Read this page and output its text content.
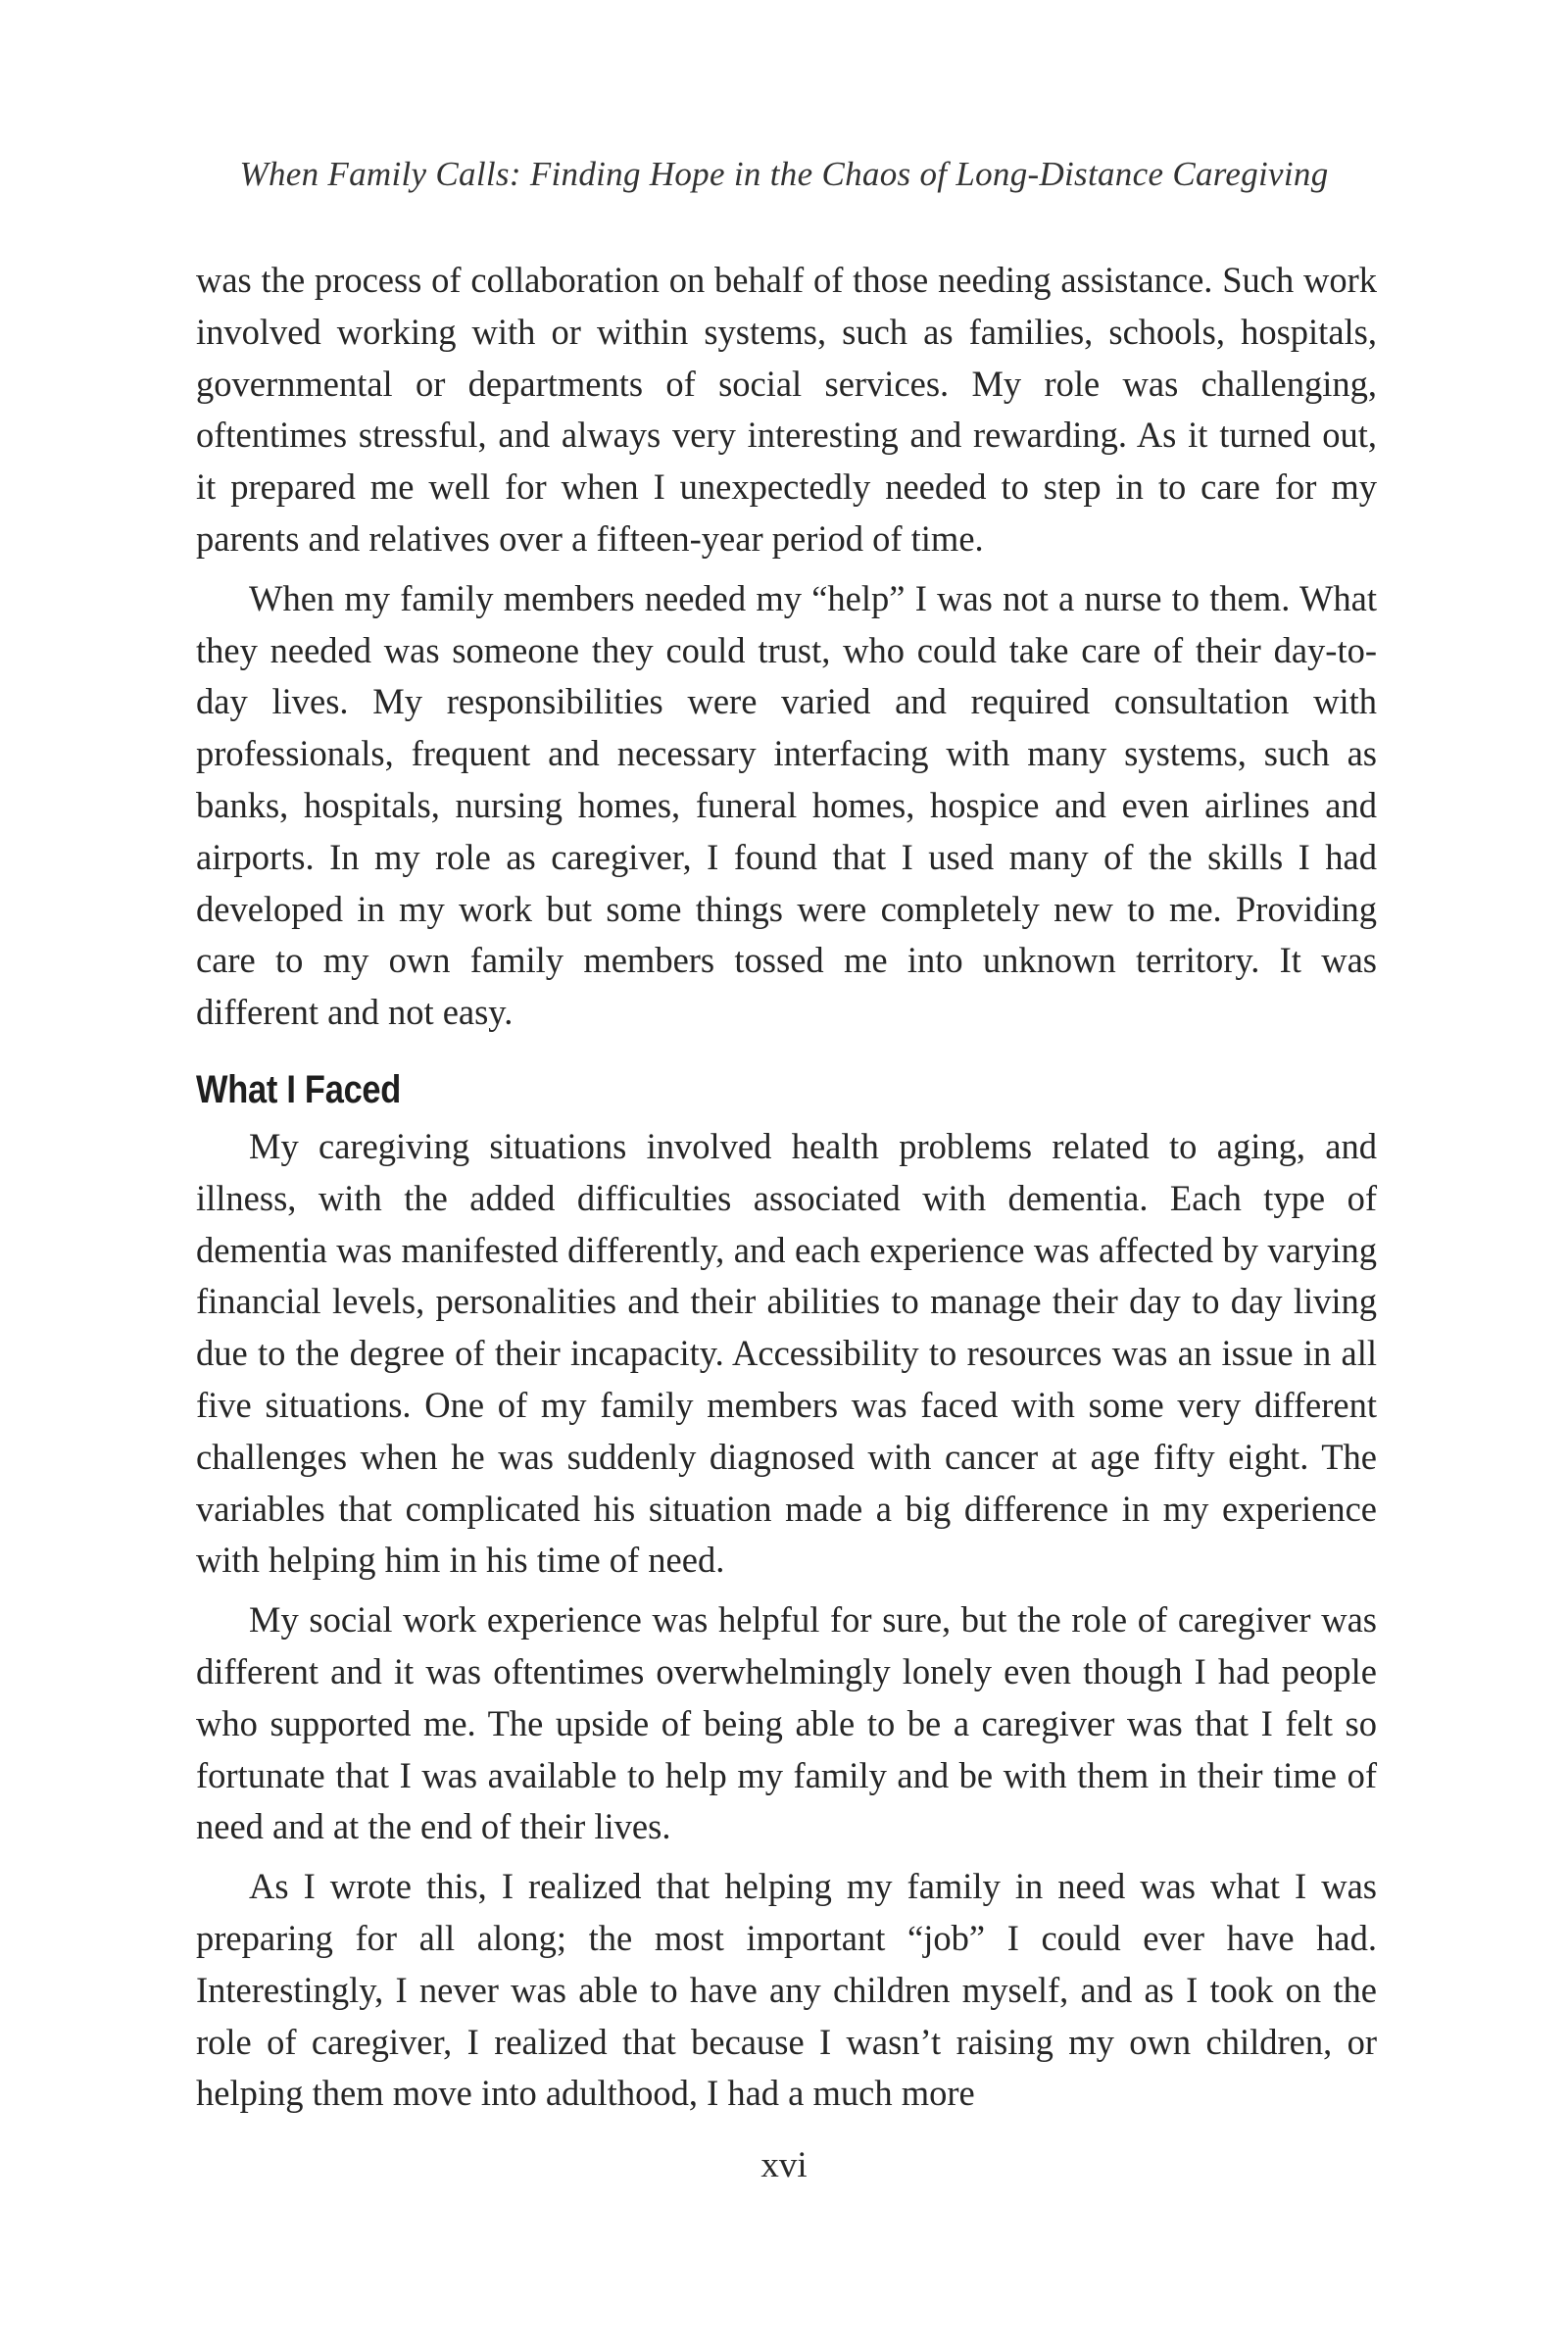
When Family Calls: Finding Hope in the Chaos of Long-Distance Caregiving

was the process of collaboration on behalf of those needing assistance. Such work involved working with or within systems, such as families, schools, hospitals, governmental or departments of social services. My role was challenging, oftentimes stressful, and always very interesting and rewarding. As it turned out, it prepared me well for when I unexpectedly needed to step in to care for my parents and relatives over a fifteen-year period of time.

When my family members needed my “help” I was not a nurse to them. What they needed was someone they could trust, who could take care of their day-to-day lives. My responsibilities were varied and required consultation with professionals, frequent and necessary interfacing with many systems, such as banks, hospitals, nursing homes, funeral homes, hospice and even airlines and airports. In my role as caregiver, I found that I used many of the skills I had developed in my work but some things were completely new to me. Providing care to my own family members tossed me into unknown territory. It was different and not easy.

What I Faced

My caregiving situations involved health problems related to aging, and illness, with the added difficulties associated with dementia. Each type of dementia was manifested differently, and each experience was affected by varying financial levels, personalities and their abilities to manage their day to day living due to the degree of their incapacity. Accessibility to resources was an issue in all five situations. One of my family members was faced with some very different challenges when he was suddenly diagnosed with cancer at age fifty eight. The variables that complicated his situation made a big difference in my experience with helping him in his time of need.

My social work experience was helpful for sure, but the role of caregiver was different and it was oftentimes overwhelmingly lonely even though I had people who supported me. The upside of being able to be a caregiver was that I felt so fortunate that I was available to help my family and be with them in their time of need and at the end of their lives.

As I wrote this, I realized that helping my family in need was what I was preparing for all along; the most important “job” I could ever have had. Interestingly, I never was able to have any children myself, and as I took on the role of caregiver, I realized that because I wasn’t raising my own children, or helping them move into adulthood, I had a much more

xvi
